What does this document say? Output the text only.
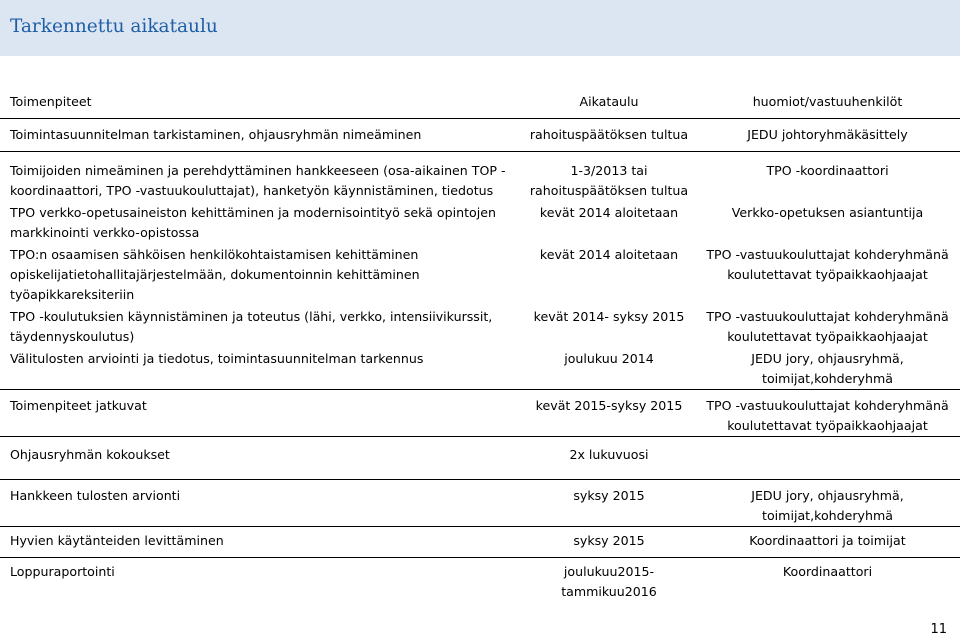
Tarkennettu aikataulu
Toimenpiteet	Aikataulu	huomiot/vastuuhenkilöt
Toimintasuunnitelman tarkistaminen, ohjausryhmän nimeäminen	rahoituspäätöksen tultua	JEDU johtoryhmäkäsittely
Toimijoiden nimeäminen ja perehdyttäminen hankkeeseen (osa-aikainen TOP -koordinaattori, TPO -vastuukouluttajat), hanketyön käynnistäminen, tiedotus	1-3/2013 tai rahoituspäätöksen tultua	TPO -koordinaattori
TPO verkko-opetusaineiston kehittäminen ja modernisointityö sekä opintojen markkinointi verkko-opistossa	kevät 2014 aloitetaan	Verkko-opetuksen asiantuntija
TPO:n osaamisen sähköisen henkilökohtaistamisen kehittäminen opiskelijatietohallitajärjestelmään, dokumentoinnin kehittäminen työapikkareksiteriin	kevät 2014 aloitetaan	TPO -vastuukouluttajat kohderyhmänä koulutettavat työpaikkaohjaajat
TPO -koulutuksien käynnistäminen ja toteutus (lähi, verkko, intensiivikurssit, täydennyskoulutus)	kevät 2014- syksy 2015	TPO -vastuukouluttajat kohderyhmänä koulutettavat työpaikkaohjaajat
Välitulosten arviointi ja tiedotus, toimintasuunnitelman tarkennus	joulukuu 2014	JEDU jory, ohjausryhmä, toimijat,kohderyhmä
Toimenpiteet jatkuvat	kevät 2015-syksy 2015	TPO -vastuukouluttajat kohderyhmänä koulutettavat työpaikkaohjaajat
Ohjausryhmän kokoukset	2x lukuvuosi	
Hankkeen tulosten arvionti	syksy 2015	JEDU jory, ohjausryhmä, toimijat,kohderyhmä
Hyvien käytänteiden levittäminen	syksy 2015	Koordinaattori ja toimijat
Loppuraportointi	joulukuu2015- tammikuu2016	Koordinaattori
11
